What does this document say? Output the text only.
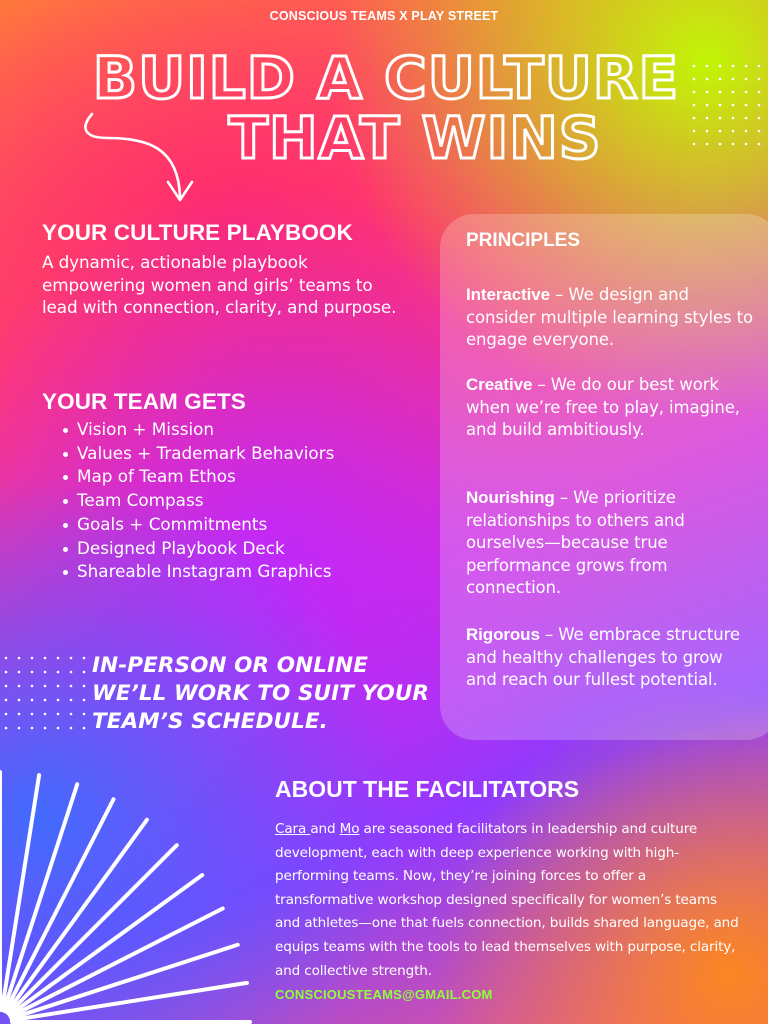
CONSCIOUS TEAMS X PLAY STREET
BUILD A CULTURE
THAT WINS
YOUR CULTURE PLAYBOOK
A dynamic, actionable playbook empowering women and girls’ teams to lead with connection, clarity, and purpose.
YOUR TEAM GETS
Vision + Mission
Values + Trademark Behaviors
Map of Team Ethos
Team Compass
Goals + Commitments
Designed Playbook Deck
Shareable Instagram Graphics
IN-PERSON OR ONLINE
WE’LL WORK TO SUIT YOUR
TEAM’S SCHEDULE.
PRINCIPLES
Interactive – We design and consider multiple learning styles to engage everyone.
Creative – We do our best work when we’re free to play, imagine, and build ambitiously.
Nourishing – We prioritize relationships to others and ourselves—because true performance grows from connection.
Rigorous – We embrace structure and healthy challenges to grow and reach our fullest potential.
ABOUT THE FACILITATORS
Cara and Mo are seasoned facilitators in leadership and culture development, each with deep experience working with high-performing teams. Now, they’re joining forces to offer a transformative workshop designed specifically for women’s teams and athletes—one that fuels connection, builds shared language, and equips teams with the tools to lead themselves with purpose, clarity, and collective strength.
CONSCIOUSTEAMS@GMAIL.COM
